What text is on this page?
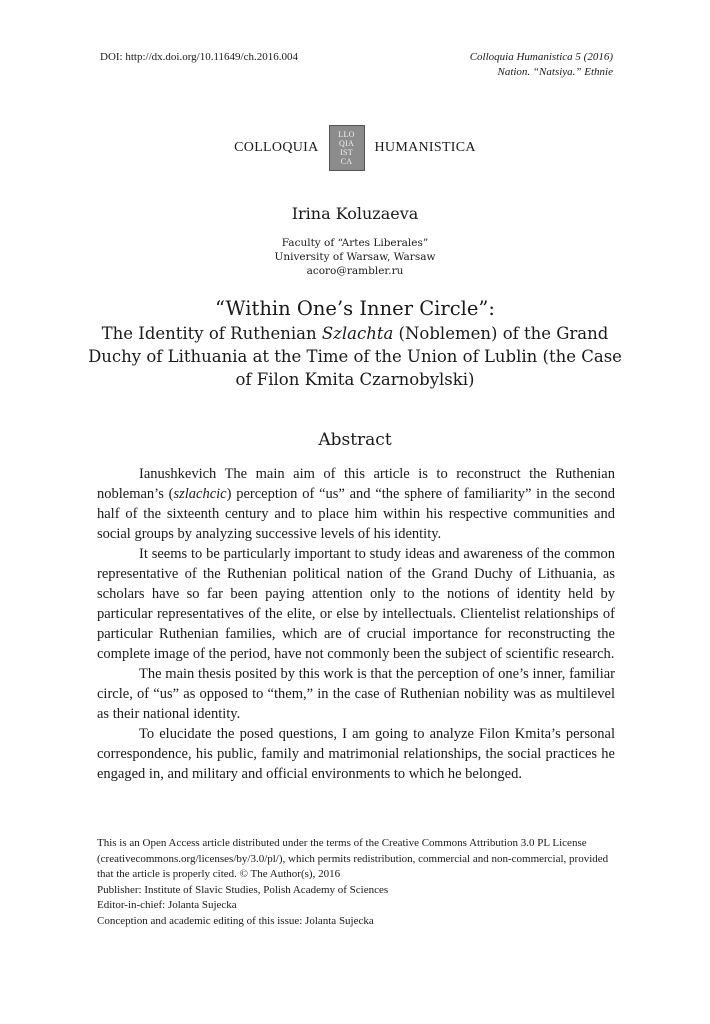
DOI: http://dx.doi.org/10.11649/ch.2016.004	Colloquia Humanistica 5 (2016)
Nation. “Natsiya.” Ethnie
COLLOQUIA
LLO
QIA
IST
CA
HUMANISTICA
Irina Koluzaeva
Faculty of “Artes Liberales”
University of Warsaw, Warsaw
acoro@rambler.ru
“Within One’s Inner Circle”:
The Identity of Ruthenian Szlachta (Noblemen) of the Grand Duchy of Lithuania at the Time of the Union of Lublin (the Case of Filon Kmita Czarnobylski)
Abstract

Ianushkevich The main aim of this article is to reconstruct the Ruthenian nobleman’s (szlachcic) perception of “us” and “the sphere of familiarity” in the second half of the sixteenth century and to place him within his respective communities and social groups by analyzing successive levels of his identity.

It seems to be particularly important to study ideas and awareness of the common representative of the Ruthenian political nation of the Grand Duchy of Lithuania, as scholars have so far been paying attention only to the notions of identity held by particular representatives of the elite, or else by intellectuals. Clientelist relationships of particular Ruthenian families, which are of crucial importance for reconstructing the complete image of the period, have not commonly been the subject of scientific research.

The main thesis posited by this work is that the perception of one’s inner, familiar circle, of “us” as opposed to “them,” in the case of Ruthenian nobility was as multilevel as their national identity.

To elucidate the posed questions, I am going to analyze Filon Kmita’s personal correspondence, his public, family and matrimonial relationships, the social practices he engaged in, and military and official environments to which he belonged.

This is an Open Access article distributed under the terms of the Creative Commons Attribution 3.0 PL License (creativecommons.org/licenses/by/3.0/pl/), which permits redistribution, commercial and non-commercial, provided that the article is properly cited. © The Author(s), 2016
Publisher: Institute of Slavic Studies, Polish Academy of Sciences
Editor-in-chief: Jolanta Sujecka
Conception and academic editing of this issue: Jolanta Sujecka
